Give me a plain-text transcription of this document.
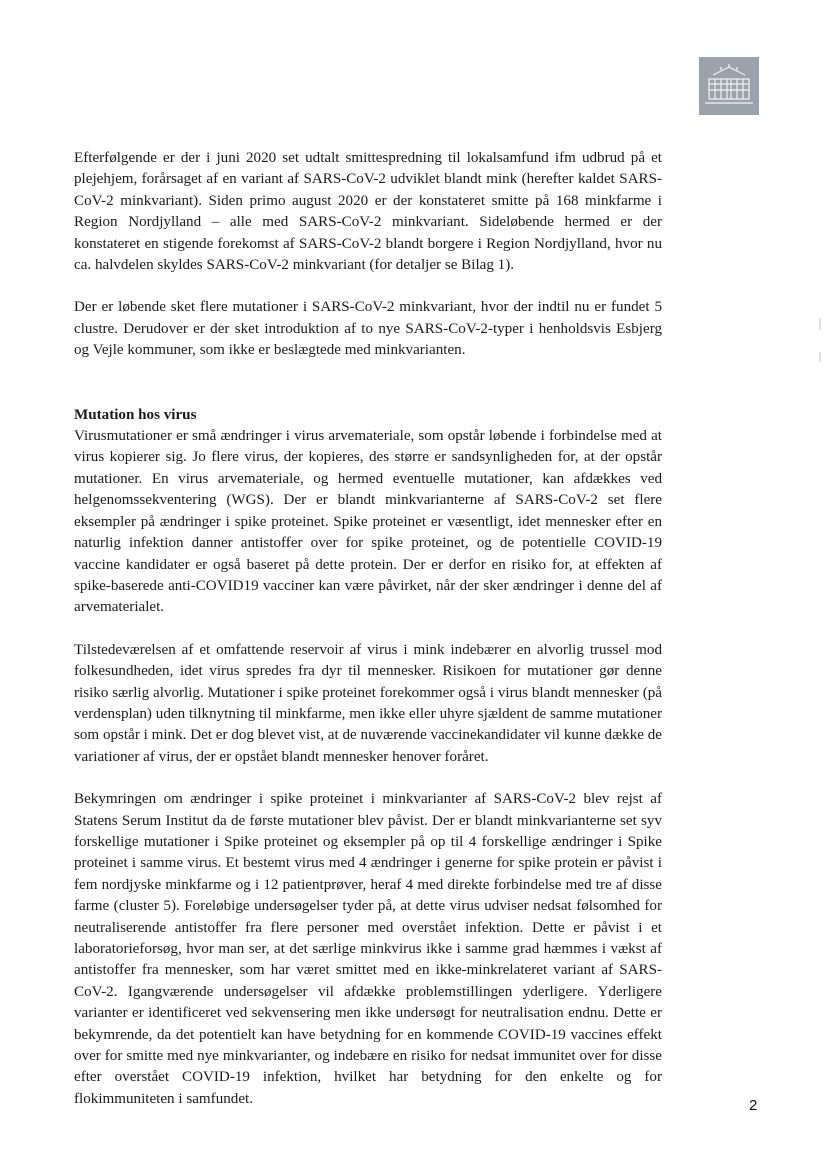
Efterfølgende er der i juni 2020 set udtalt smittespredning til lokalsamfund ifm udbrud på et plejehjem, forårsaget af en variant af SARS-CoV-2 udviklet blandt mink (herefter kaldet SARS-CoV-2 minkvariant). Siden primo august 2020 er der konstateret smitte på 168 minkfarme i Region Nordjylland – alle med SARS-CoV-2 minkvariant. Sideløbende hermed er der konstateret en stigende forekomst af SARS-CoV-2 blandt borgere i Region Nordjylland, hvor nu ca. halvdelen skyldes SARS-CoV-2 minkvariant (for detaljer se Bilag 1).

Der er løbende sket flere mutationer i SARS-CoV-2 minkvariant, hvor der indtil nu er fundet 5 clustre. Derudover er der sket introduktion af to nye SARS-CoV-2-typer i henholdsvis Esbjerg og Vejle kommuner, som ikke er beslægtede med minkvarianten.

Mutation hos virus

Virusmutationer er små ændringer i virus arvemateriale, som opstår løbende i forbindelse med at virus kopierer sig. Jo flere virus, der kopieres, des større er sandsynligheden for, at der opstår mutationer. En virus arvemateriale, og hermed eventuelle mutationer, kan afdækkes ved helgenomssekventering (WGS). Der er blandt minkvarianterne af SARS-CoV-2 set flere eksempler på ændringer i spike proteinet. Spike proteinet er væsentligt, idet mennesker efter en naturlig infektion danner antistoffer over for spike proteinet, og de potentielle COVID-19 vaccine kandidater er også baseret på dette protein. Der er derfor en risiko for, at effekten af spike-baserede anti-COVID19 vacciner kan være påvirket, når der sker ændringer i denne del af arvematerialet.

Tilstedeværelsen af et omfattende reservoir af virus i mink indebærer en alvorlig trussel mod folkesundheden, idet virus spredes fra dyr til mennesker. Risikoen for mutationer gør denne risiko særlig alvorlig. Mutationer i spike proteinet forekommer også i virus blandt mennesker (på verdensplan) uden tilknytning til minkfarme, men ikke eller uhyre sjældent de samme mutationer som opstår i mink. Det er dog blevet vist, at de nuværende vaccinekandidater vil kunne dække de variationer af virus, der er opstået blandt mennesker henover foråret.

Bekymringen om ændringer i spike proteinet i minkvarianter af SARS-CoV-2 blev rejst af Statens Serum Institut da de første mutationer blev påvist. Der er blandt minkvarianterne set syv forskellige mutationer i Spike proteinet og eksempler på op til 4 forskellige ændringer i Spike proteinet i samme virus. Et bestemt virus med 4 ændringer i generne for spike protein er påvist i fem nordjyske minkfarme og i 12 patientprøver, heraf 4 med direkte forbindelse med tre af disse farme (cluster 5). Foreløbige undersøgelser tyder på, at dette virus udviser nedsat følsomhed for neutraliserende antistoffer fra flere personer med overstået infektion. Dette er påvist i et laboratorieforsøg, hvor man ser, at det særlige minkvirus ikke i samme grad hæmmes i vækst af antistoffer fra mennesker, som har været smittet med en ikke-minkrelateret variant af SARS-CoV-2. Igangværende undersøgelser vil afdække problemstillingen yderligere. Yderligere varianter er identificeret ved sekvensering men ikke undersøgt for neutralisation endnu. Dette er bekymrende, da det potentielt kan have betydning for en kommende COVID-19 vaccines effekt over for smitte med nye minkvarianter, og indebære en risiko for nedsat immunitet over for disse efter overstået COVID-19 infektion, hvilket har betydning for den enkelte og for flokimmuniteten i samfundet.	2
